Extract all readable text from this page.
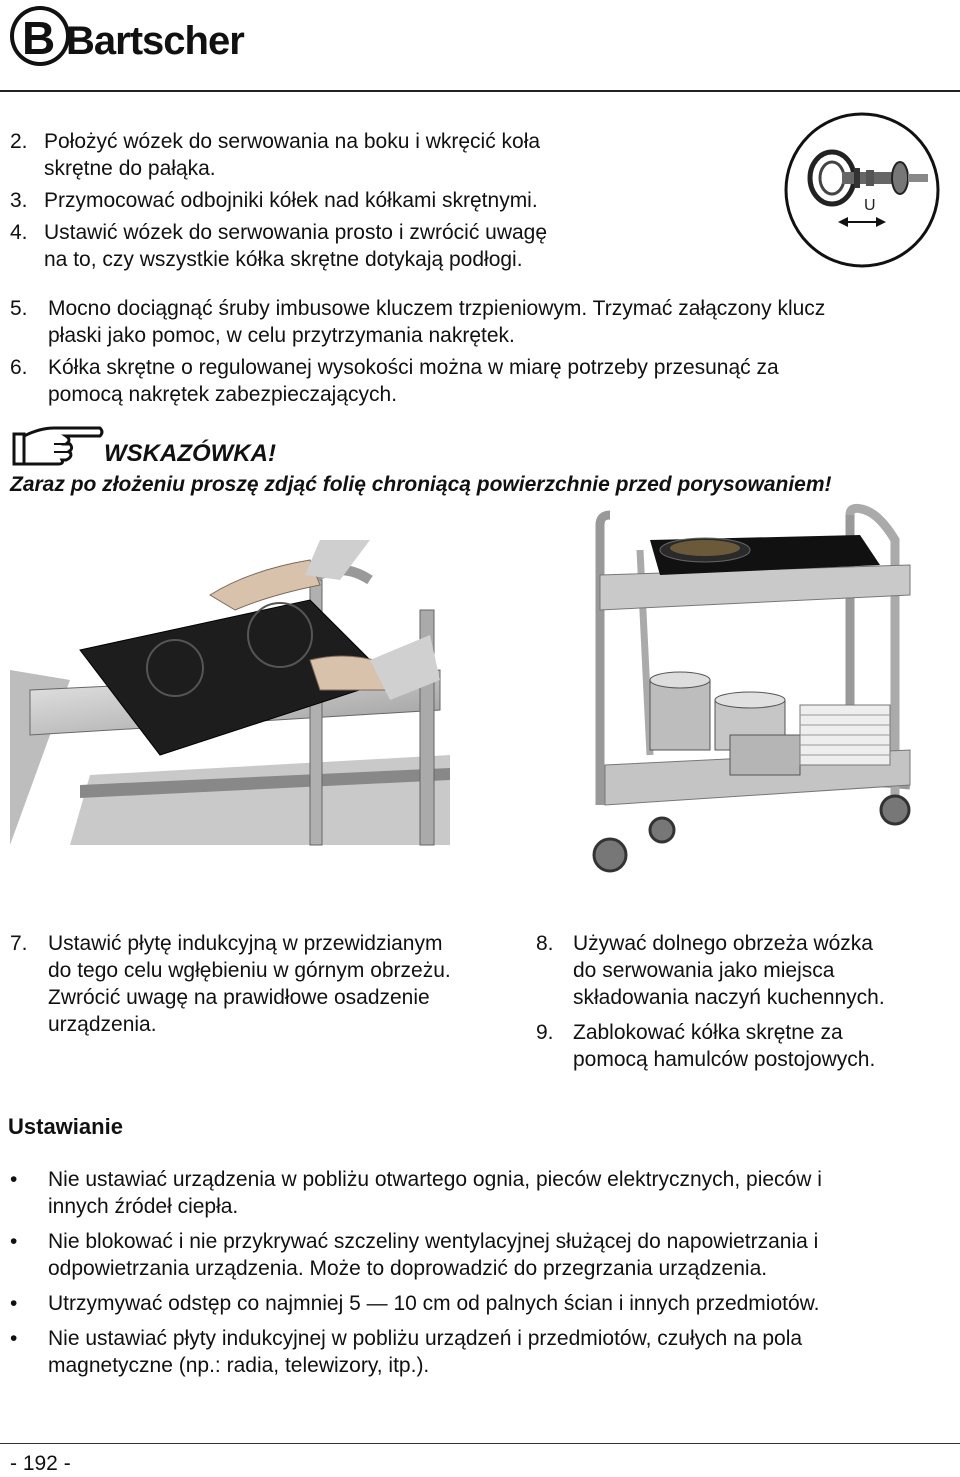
B Bartscher
2. Położyć wózek do serwowania na boku i wkręcić koła
skrętne do pałąka.
3. Przymocować odbojniki kółek nad kółkami skrętnymi.
4. Ustawić wózek do serwowania prosto i zwrócić uwagę
na to, czy wszystkie kółka skrętne dotykają podłogi.
U
5. Mocno dociągnąć śruby imbusowe kluczem trzpieniowym. Trzymać załączony klucz
płaski jako pomoc, w celu przytrzymania nakrętek.
6. Kółka skrętne o regulowanej wysokości można w miarę potrzeby przesunąć za
pomocą nakrętek zabezpieczających.
WSKAZÓWKA!
Zaraz po złożeniu proszę zdjąć folię chroniącą powierzchnie przed porysowaniem!
7. Ustawić płytę indukcyjną w przewidzianym
do tego celu wgłębieniu w górnym obrzeżu.
Zwrócić uwagę na prawidłowe osadzenie
urządzenia.
8. Używać dolnego obrzeża wózka
do serwowania jako miejsca
składowania naczyń kuchennych.
9. Zablokować kółka skrętne za
pomocą hamulców postojowych.
Ustawianie
•	Nie ustawiać urządzenia w pobliżu otwartego ognia, pieców elektrycznych, pieców i
innych źródeł ciepła.
•	Nie blokować i nie przykrywać szczeliny wentylacyjnej służącej do napowietrzania i
odpowietrzania urządzenia. Może to doprowadzić do przegrzania urządzenia.
•	Utrzymywać odstęp co najmniej 5 — 10 cm od palnych ścian i innych przedmiotów.
•	Nie ustawiać płyty indukcyjnej w pobliżu urządzeń i przedmiotów, czułych na pola
magnetyczne (np.: radia, telewizory, itp.).
- 192 -
